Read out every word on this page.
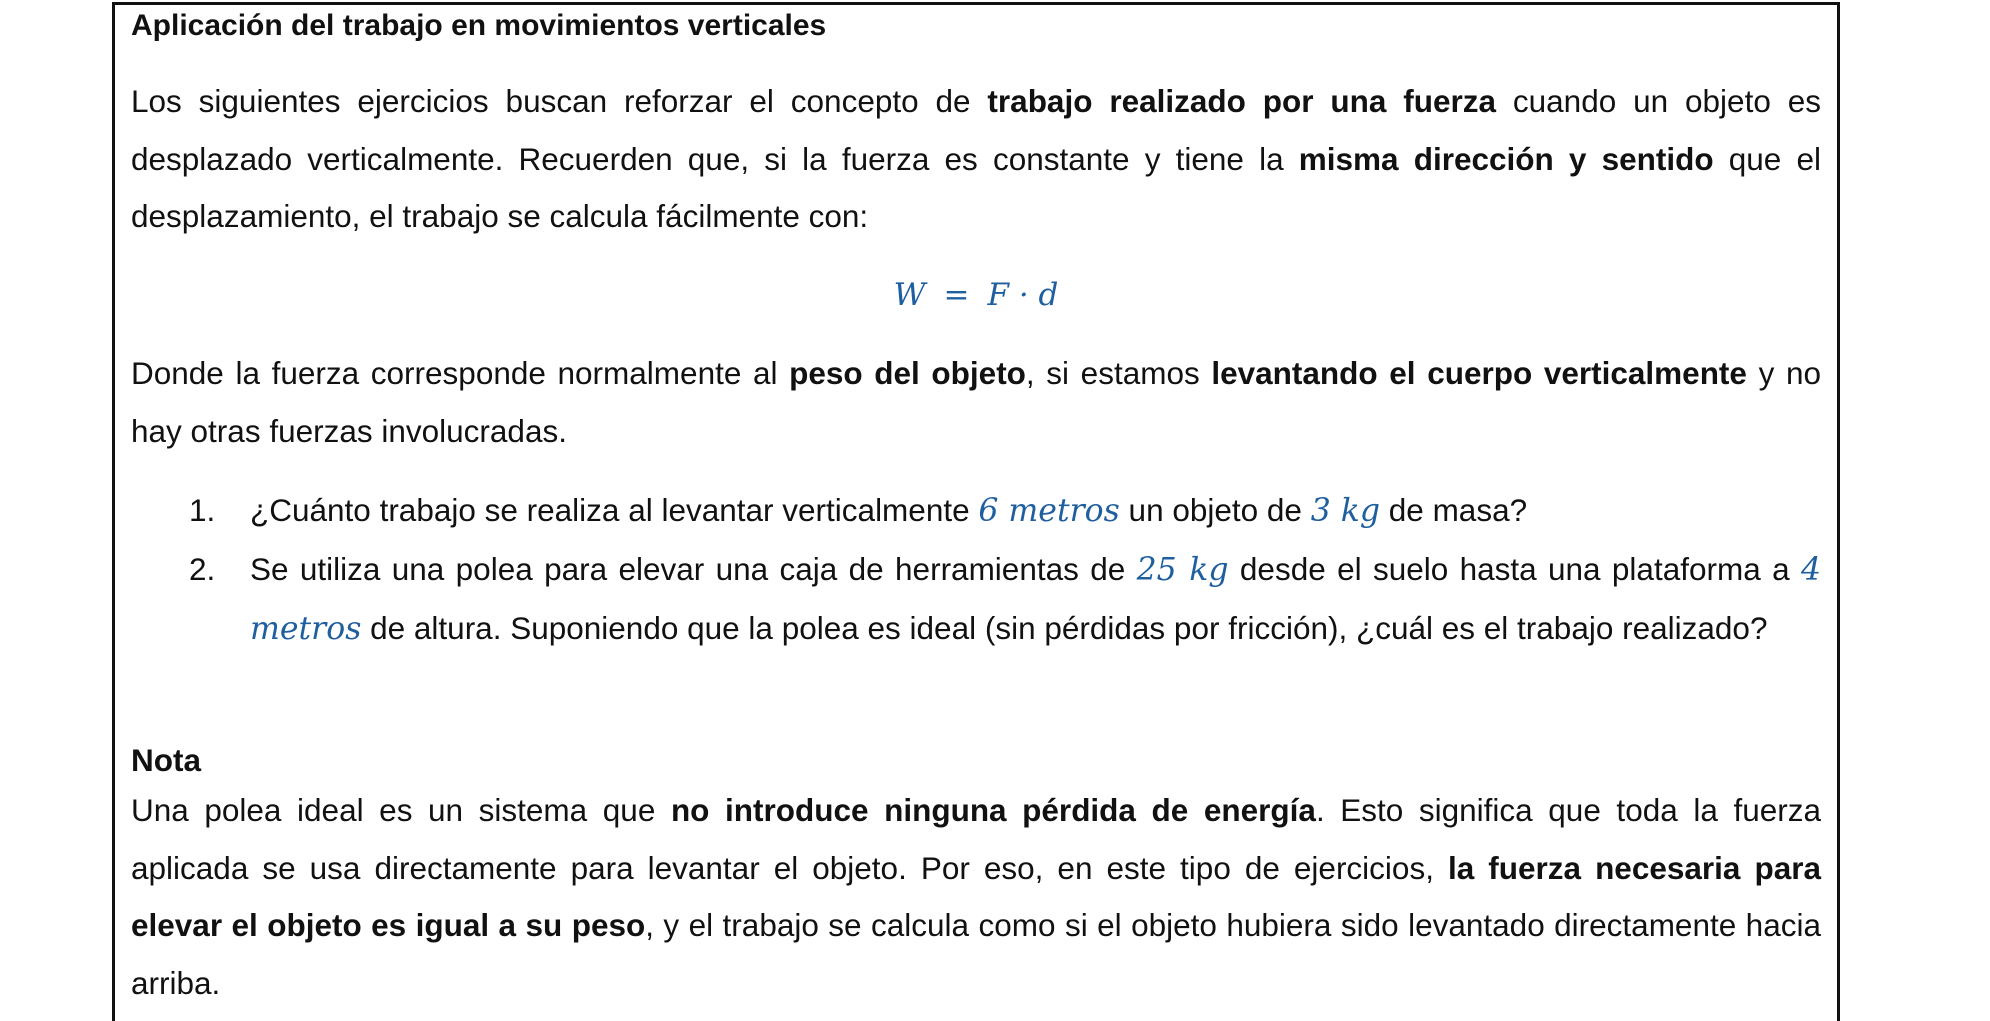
Aplicación del trabajo en movimientos verticales

Los siguientes ejercicios buscan reforzar el concepto de trabajo realizado por una fuerza cuando un objeto es desplazado verticalmente. Recuerden que, si la fuerza es constante y tiene la misma dirección y sentido que el desplazamiento, el trabajo se calcula fácilmente con:

W = F · d

Donde la fuerza corresponde normalmente al peso del objeto, si estamos levantando el cuerpo verticalmente y no hay otras fuerzas involucradas.

1. ¿Cuánto trabajo se realiza al levantar verticalmente 6 metros un objeto de 3 kg de masa?
2. Se utiliza una polea para elevar una caja de herramientas de 25 kg desde el suelo hasta una plataforma a 4 metros de altura. Suponiendo que la polea es ideal (sin pérdidas por fricción), ¿cuál es el trabajo realizado?
Nota

Una polea ideal es un sistema que no introduce ninguna pérdida de energía. Esto significa que toda la fuerza aplicada se usa directamente para levantar el objeto. Por eso, en este tipo de ejercicios, la fuerza necesaria para elevar el objeto es igual a su peso, y el trabajo se calcula como si el objeto hubiera sido levantado directamente hacia arriba.
